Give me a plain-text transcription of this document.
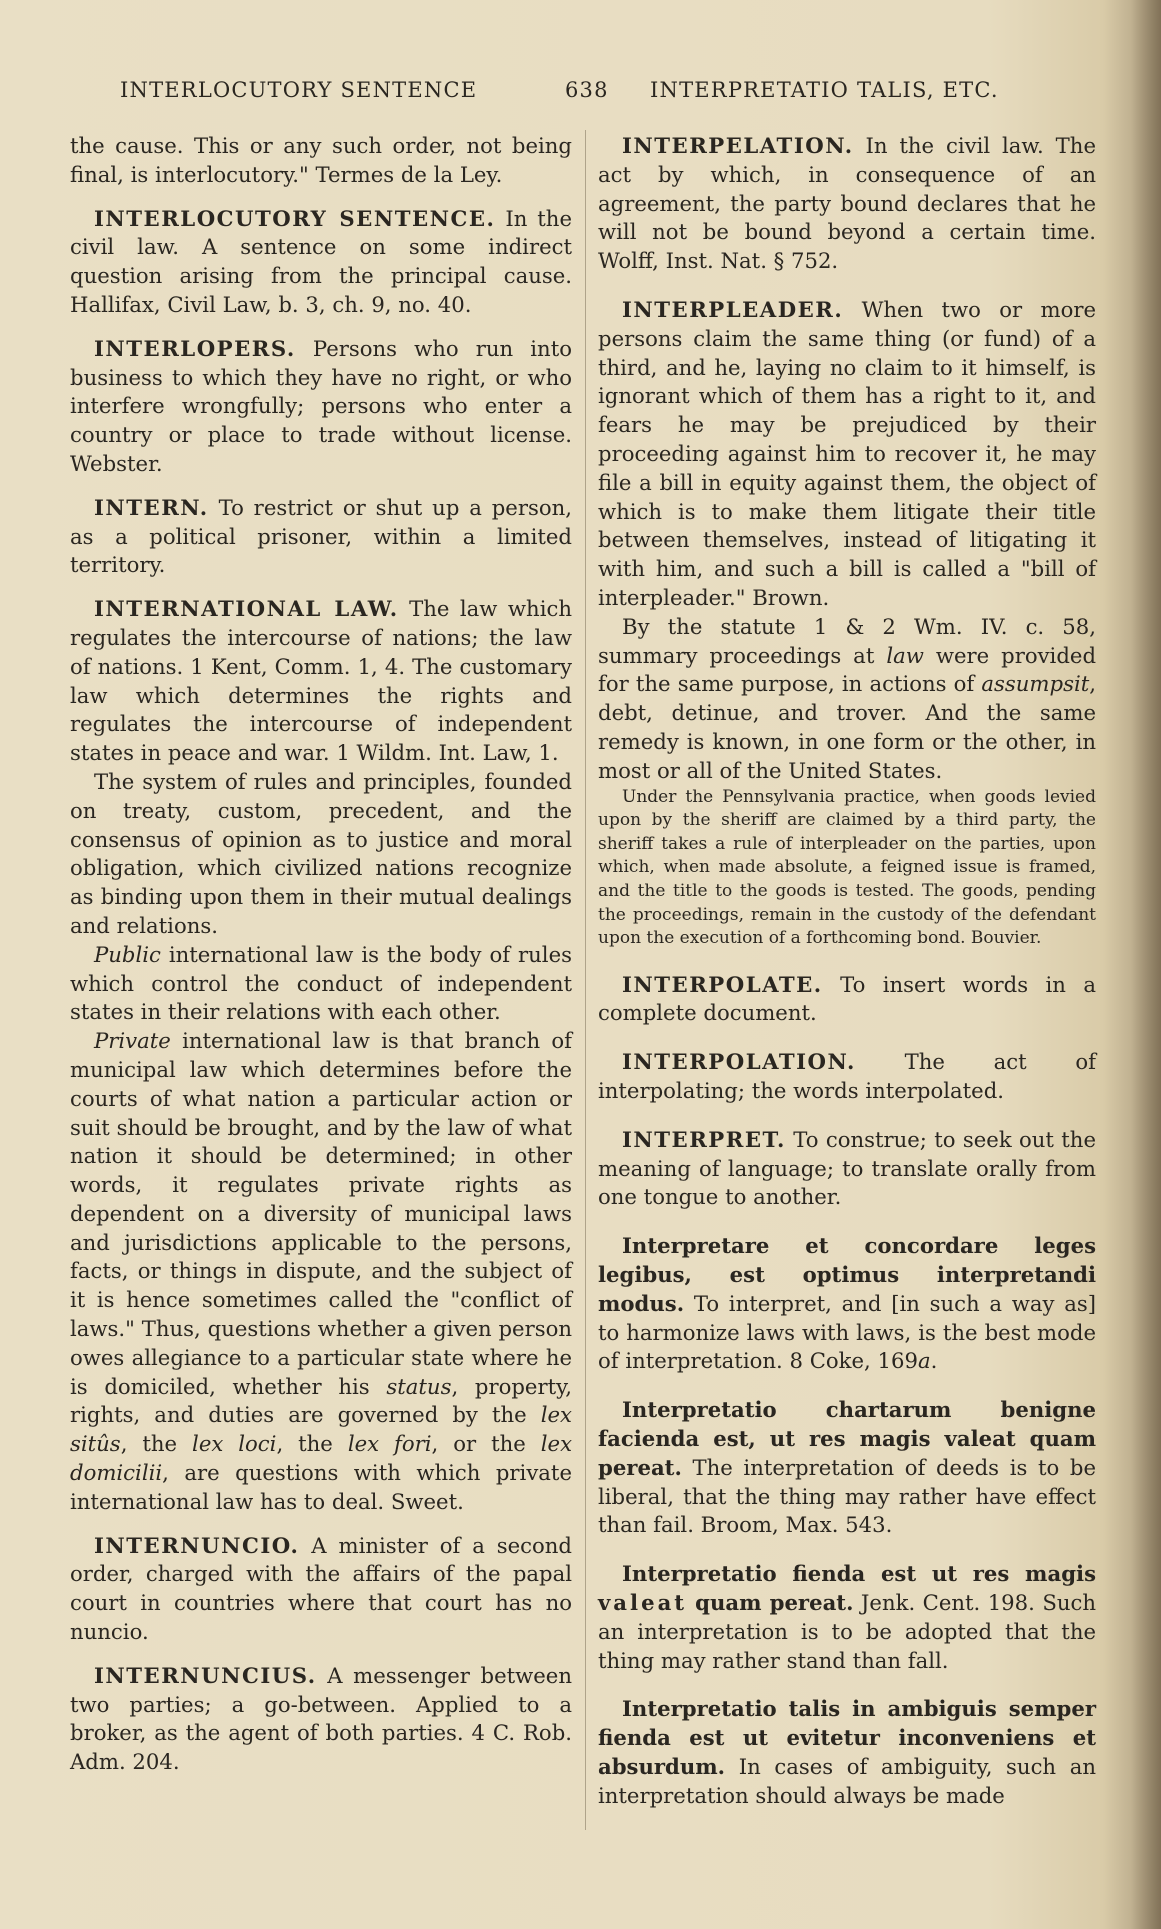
INTERLOCUTORY SENTENCE	638 INTERPRETATIO TALIS, ETC.

the cause. This or any such order, not being final, is interlocutory." Termes de la Ley.

INTERLOCUTORY SENTENCE. In the civil law. A sentence on some indirect question arising from the principal cause. Hallifax, Civil Law, b. 3, ch. 9, no. 40.

INTERLOPERS. Persons who run into business to which they have no right, or who interfere wrongfully; persons who enter a country or place to trade without license. Webster.

INTERN. To restrict or shut up a person, as a political prisoner, within a limited territory.

INTERNATIONAL LAW. The law which regulates the intercourse of nations; the law of nations. 1 Kent, Comm. 1, 4. The customary law which determines the rights and regulates the intercourse of independent states in peace and war. 1 Wildm. Int. Law, 1.

The system of rules and principles, founded on treaty, custom, precedent, and the consensus of opinion as to justice and moral obligation, which civilized nations recognize as binding upon them in their mutual dealings and relations.

Public international law is the body of rules which control the conduct of independent states in their relations with each other.

Private international law is that branch of municipal law which determines before the courts of what nation a particular action or suit should be brought, and by the law of what nation it should be determined; in other words, it regulates private rights as dependent on a diversity of municipal laws and jurisdictions applicable to the persons, facts, or things in dispute, and the subject of it is hence sometimes called the "conflict of laws." Thus, questions whether a given person owes allegiance to a particular state where he is domiciled, whether his status, property, rights, and duties are governed by the lex sitûs, the lex loci, the lex fori, or the lex domicilii, are questions with which private international law has to deal. Sweet.

INTERNUNCIO. A minister of a second order, charged with the affairs of the papal court in countries where that court has no nuncio.

INTERNUNCIUS. A messenger between two parties; a go-between. Applied to a broker, as the agent of both parties. 4 C. Rob. Adm. 204.

INTERPELATION. In the civil law. The act by which, in consequence of an agreement, the party bound declares that he will not be bound beyond a certain time. Wolff, Inst. Nat. § 752.

INTERPLEADER. When two or more persons claim the same thing (or fund) of a third, and he, laying no claim to it himself, is ignorant which of them has a right to it, and fears he may be prejudiced by their proceeding against him to recover it, he may file a bill in equity against them, the object of which is to make them litigate their title between themselves, instead of litigating it with him, and such a bill is called a "bill of interpleader." Brown.

By the statute 1 & 2 Wm. IV. c. 58, summary proceedings at law were provided for the same purpose, in actions of assumpsit, debt, detinue, and trover. And the same remedy is known, in one form or the other, in most or all of the United States.

Under the Pennsylvania practice, when goods levied upon by the sheriff are claimed by a third party, the sheriff takes a rule of interpleader on the parties, upon which, when made absolute, a feigned issue is framed, and the title to the goods is tested. The goods, pending the proceedings, remain in the custody of the defendant upon the execution of a forthcoming bond. Bouvier.

INTERPOLATE. To insert words in a complete document.

INTERPOLATION. The act of interpolating; the words interpolated.

INTERPRET. To construe; to seek out the meaning of language; to translate orally from one tongue to another.

Interpretare et concordare leges legibus, est optimus interpretandi modus. To interpret, and [in such a way as] to harmonize laws with laws, is the best mode of interpretation. 8 Coke, 169a.

Interpretatio chartarum benigne facienda est, ut res magis valeat quam pereat. The interpretation of deeds is to be liberal, that the thing may rather have effect than fail. Broom, Max. 543.

Interpretatio fienda est ut res magis valeat quam pereat. Jenk. Cent. 198. Such an interpretation is to be adopted that the thing may rather stand than fall.

Interpretatio talis in ambiguis semper fienda est ut evitetur inconveniens et absurdum. In cases of ambiguity, such an interpretation should always be made
